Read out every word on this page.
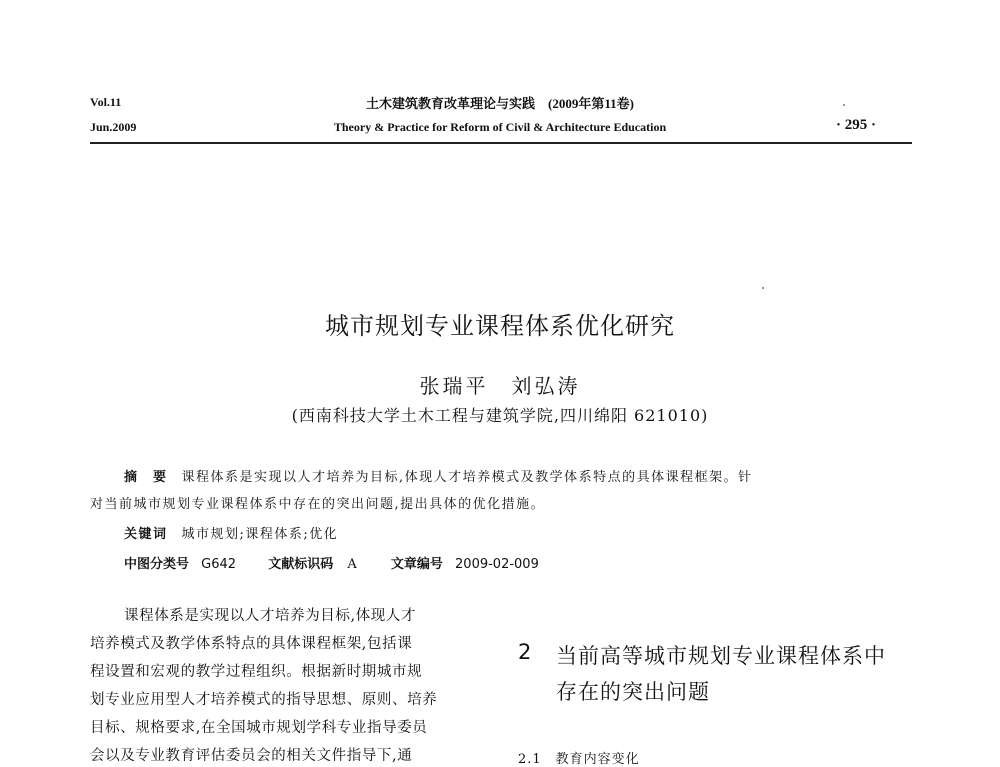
Vol.11
Jun.2009
土木建筑教育改革理论与实践　(2009年第11卷)
Theory & Practice for Reform of Civil & Architecture Education	· 295 ·
城市规划专业课程体系优化研究
张瑞平　刘弘涛
(西南科技大学土木工程与建筑学院,四川绵阳 621010)
摘　要 课程体系是实现以人才培养为目标,体现人才培养模式及教学体系特点的具体课程框架。针
对当前城市规划专业课程体系中存在的突出问题,提出具体的优化措施。
关键词 城市规划;课程体系;优化
中图分类号 G642 文献标识码 A	文章编号 2009-02-009
课程体系是实现以人才培养为目标,体现人才
培养模式及教学体系特点的具体课程框架,包括课
程设置和宏观的教学过程组织。根据新时期城市规
划专业应用型人才培养模式的指导思想、原则、培养
目标、规格要求,在全国城市规划学科专业指导委员
会以及专业教育评估委员会的相关文件指导下,通
2 当前高等城市规划专业课程体系中
存在的突出问题
2.1　教育内容变化
